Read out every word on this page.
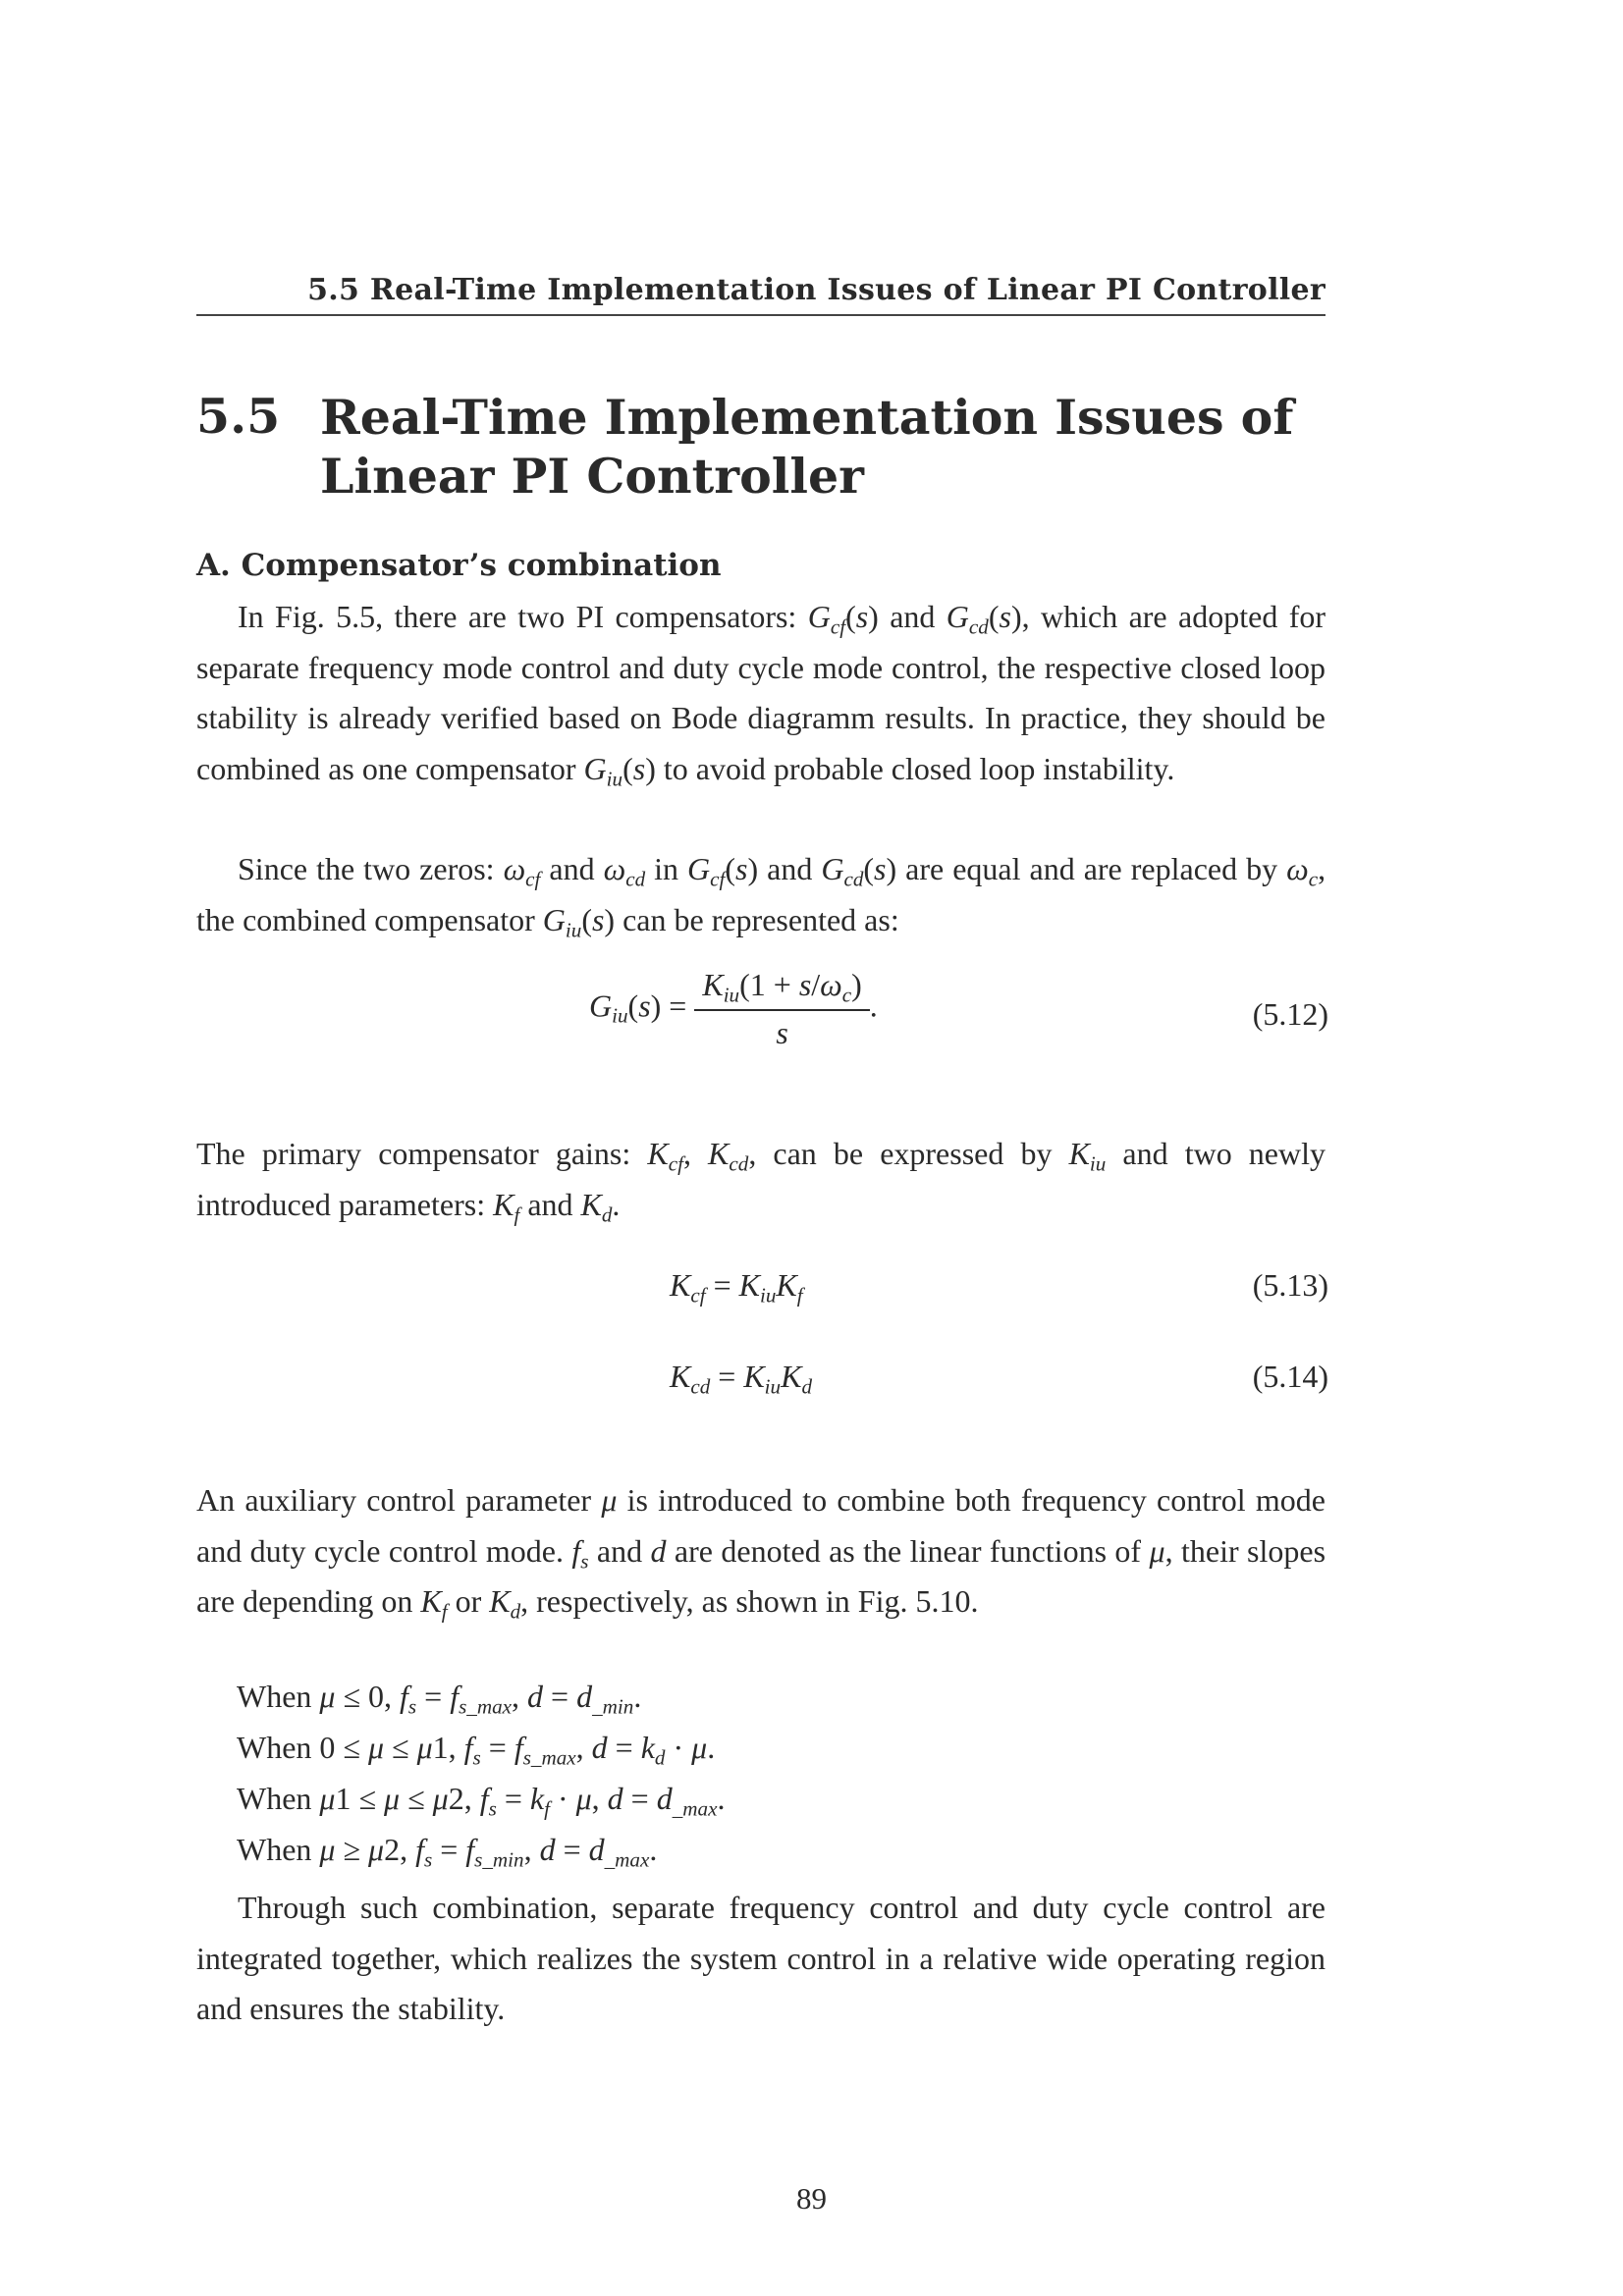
5.5 Real-Time Implementation Issues of Linear PI Controller
5.5 Real-Time Implementation Issues of Linear PI Controller
A. Compensator’s combination
In Fig. 5.5, there are two PI compensators: $G_{cf}(s)$ and $G_{cd}(s)$, which are adopted for separate frequency mode control and duty cycle mode control, the respective closed loop stability is already verified based on Bode diagramm results. In practice, they should be combined as one compensator $G_{iu}(s)$ to avoid probable closed loop instability.
Since the two zeros: $\omega_{cf}$ and $\omega_{cd}$ in $G_{cf}(s)$ and $G_{cd}(s)$ are equal and are replaced by $\omega_c$, the combined compensator $G_{iu}(s)$ can be represented as:
$G_{iu}(s) = \frac{K_{iu}(1 + s/\omega_c)}{s}$ .	(5.12)
The primary compensator gains: $K_{cf}$, $K_{cd}$, can be expressed by $K_{iu}$ and two newly introduced parameters: $K_f$ and $K_d$.
$K_{cf} = K_{iu}K_f$	(5.13)
$K_{cd} = K_{iu}K_d$	(5.14)
An auxiliary control parameter μ is introduced to combine both frequency control mode and duty cycle control mode. $f_s$ and d are denoted as the linear functions of μ, their slopes are depending on $K_f$ or $K_d$, respectively, as shown in Fig. 5.10.
When μ ≤ 0, $f_s = f_{s\_max}$, $d = d_{\_min}$.
When 0 ≤ μ ≤ μ1, $f_s = f_{s\_max}$, $d = k_d \cdot \mu$.
When μ1 ≤ μ ≤ μ2, $f_s = k_f \cdot \mu$, $d = d_{\_max}$.
When μ ≥ μ2, $f_s = f_{s\_min}$, $d = d_{\_max}$.
Through such combination, separate frequency control and duty cycle control are integrated together, which realizes the system control in a relative wide operating region and ensures the stability.
89
